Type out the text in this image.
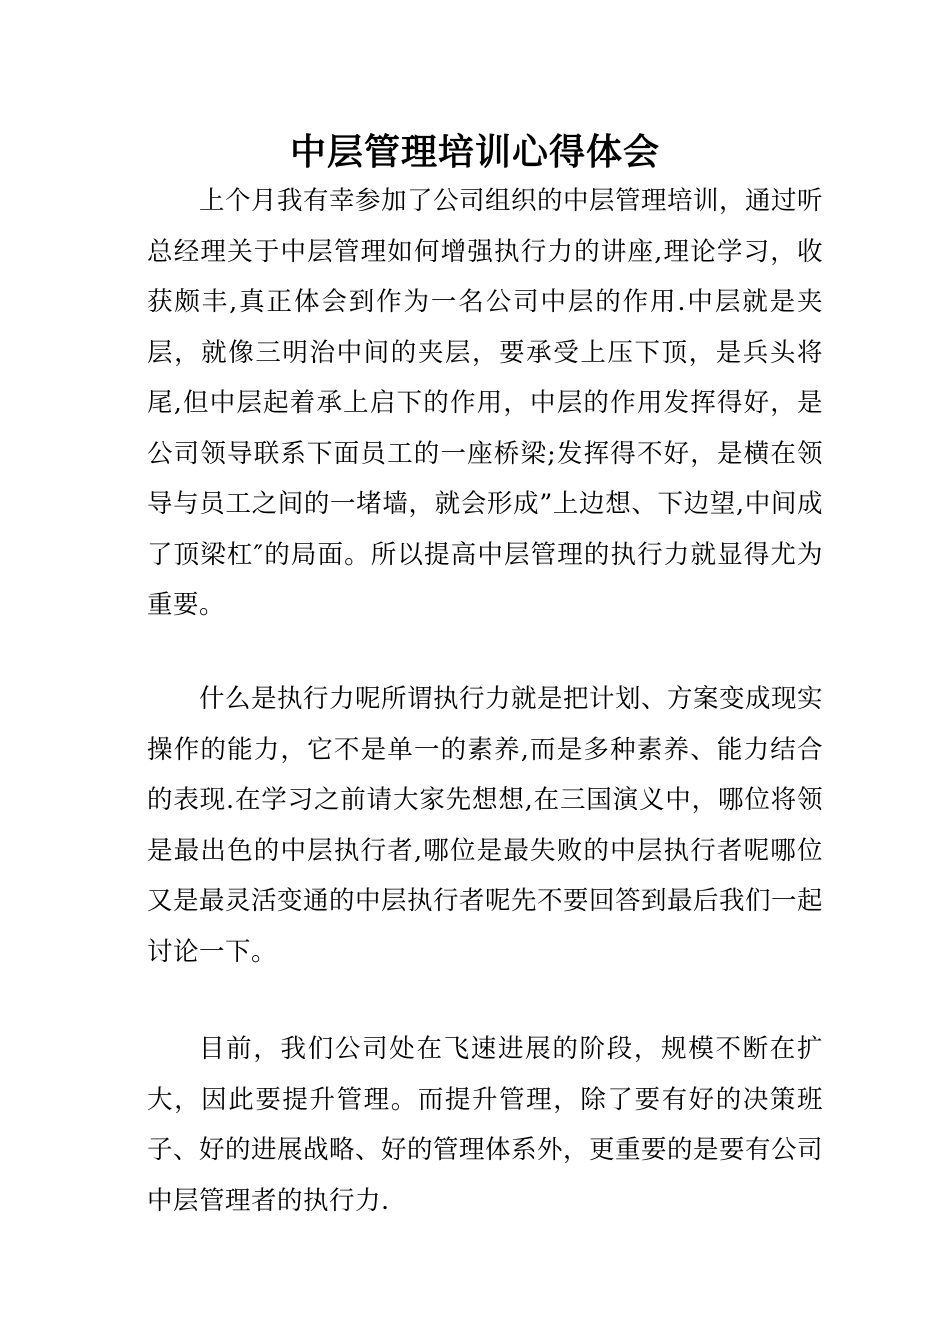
中层管理培训心得体会

上个月我有幸参加了公司组织的中层管理培训，通过听总经理关于中层管理如何增强执行力的讲座,理论学习，收获颇丰,真正体会到作为一名公司中层的作用.中层就是夹层，就像三明治中间的夹层，要承受上压下顶，是兵头将尾,但中层起着承上启下的作用，中层的作用发挥得好，是公司领导联系下面员工的一座桥梁;发挥得不好，是横在领导与员工之间的一堵墙，就会形成”上边想、下边望,中间成了顶梁杠″的局面。所以提高中层管理的执行力就显得尤为重要。

什么是执行力呢所谓执行力就是把计划、方案变成现实操作的能力，它不是单一的素养,而是多种素养、能力结合的表现.在学习之前请大家先想想,在三国演义中，哪位将领是最出色的中层执行者,哪位是最失败的中层执行者呢哪位又是最灵活变通的中层执行者呢先不要回答到最后我们一起讨论一下。

目前，我们公司处在飞速进展的阶段，规模不断在扩大，因此要提升管理。而提升管理，除了要有好的决策班子、好的进展战略、好的管理体系外，更重要的是要有公司中层管理者的执行力.
